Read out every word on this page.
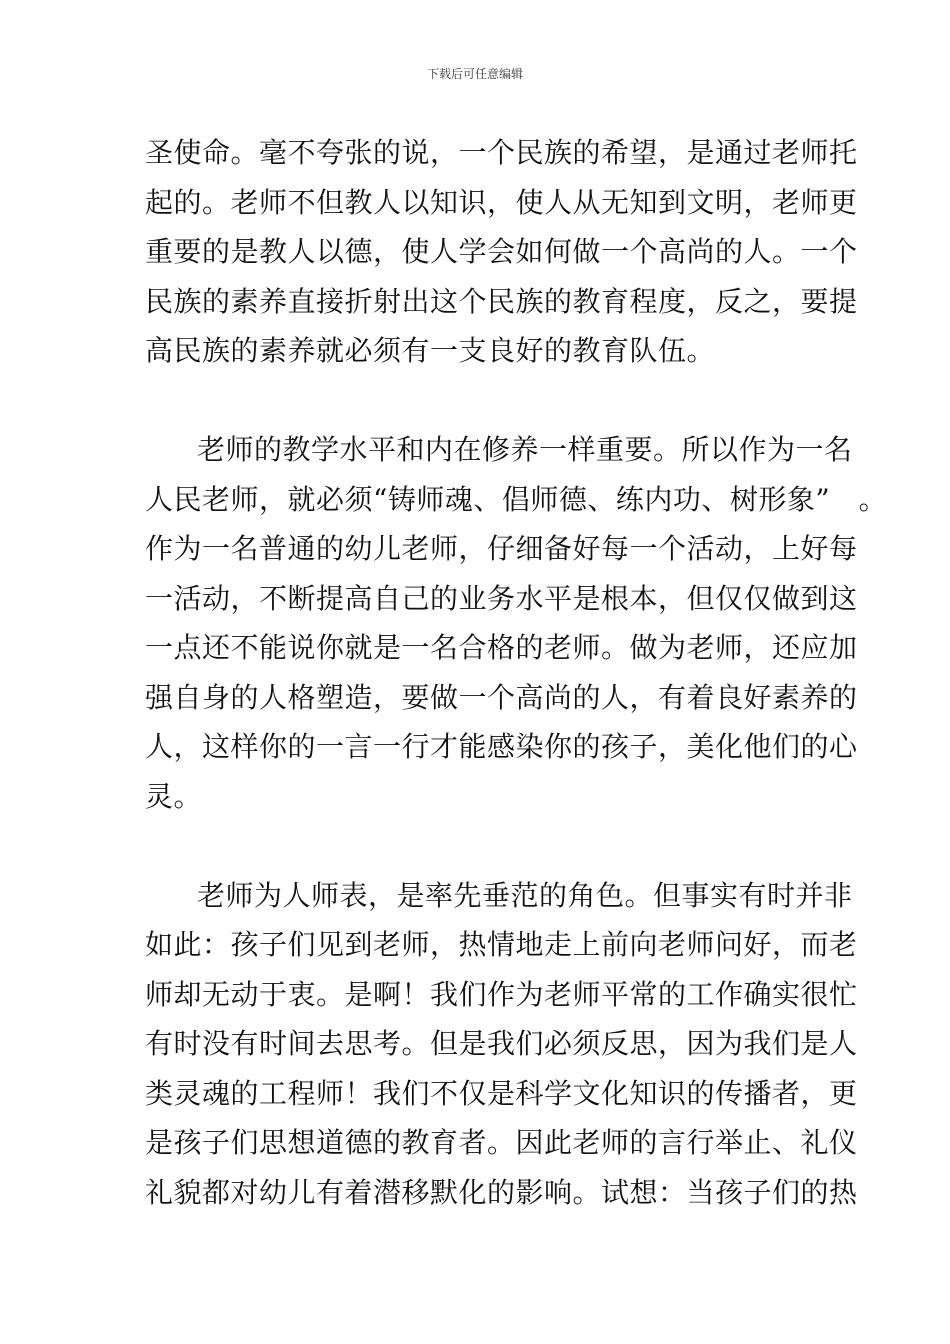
下载后可任意编辑
圣使命。毫不夸张的说，一个民族的希望，是通过老师托
起的。老师不但教人以知识，使人从无知到文明，老师更
重要的是教人以德，使人学会如何做一个高尚的人。一个
民族的素养直接折射出这个民族的教育程度，反之，要提
高民族的素养就必须有一支良好的教育队伍。
老师的教学水平和内在修养一样重要。所以作为一名
人民老师，就必须“铸师魂、倡师德、练内功、树形象”　。
作为一名普通的幼儿老师，仔细备好每一个活动，上好每
一活动，不断提高自己的业务水平是根本，但仅仅做到这
一点还不能说你就是一名合格的老师。做为老师，还应加
强自身的人格塑造，要做一个高尚的人，有着良好素养的
人，这样你的一言一行才能感染你的孩子，美化他们的心
灵。
老师为人师表，是率先垂范的角色。但事实有时并非
如此：孩子们见到老师，热情地走上前向老师问好，而老
师却无动于衷。是啊！我们作为老师平常的工作确实很忙
有时没有时间去思考。但是我们必须反思，因为我们是人
类灵魂的工程师！我们不仅是科学文化知识的传播者，更
是孩子们思想道德的教育者。因此老师的言行举止、礼仪
礼貌都对幼儿有着潜移默化的影响。试想：当孩子们的热
